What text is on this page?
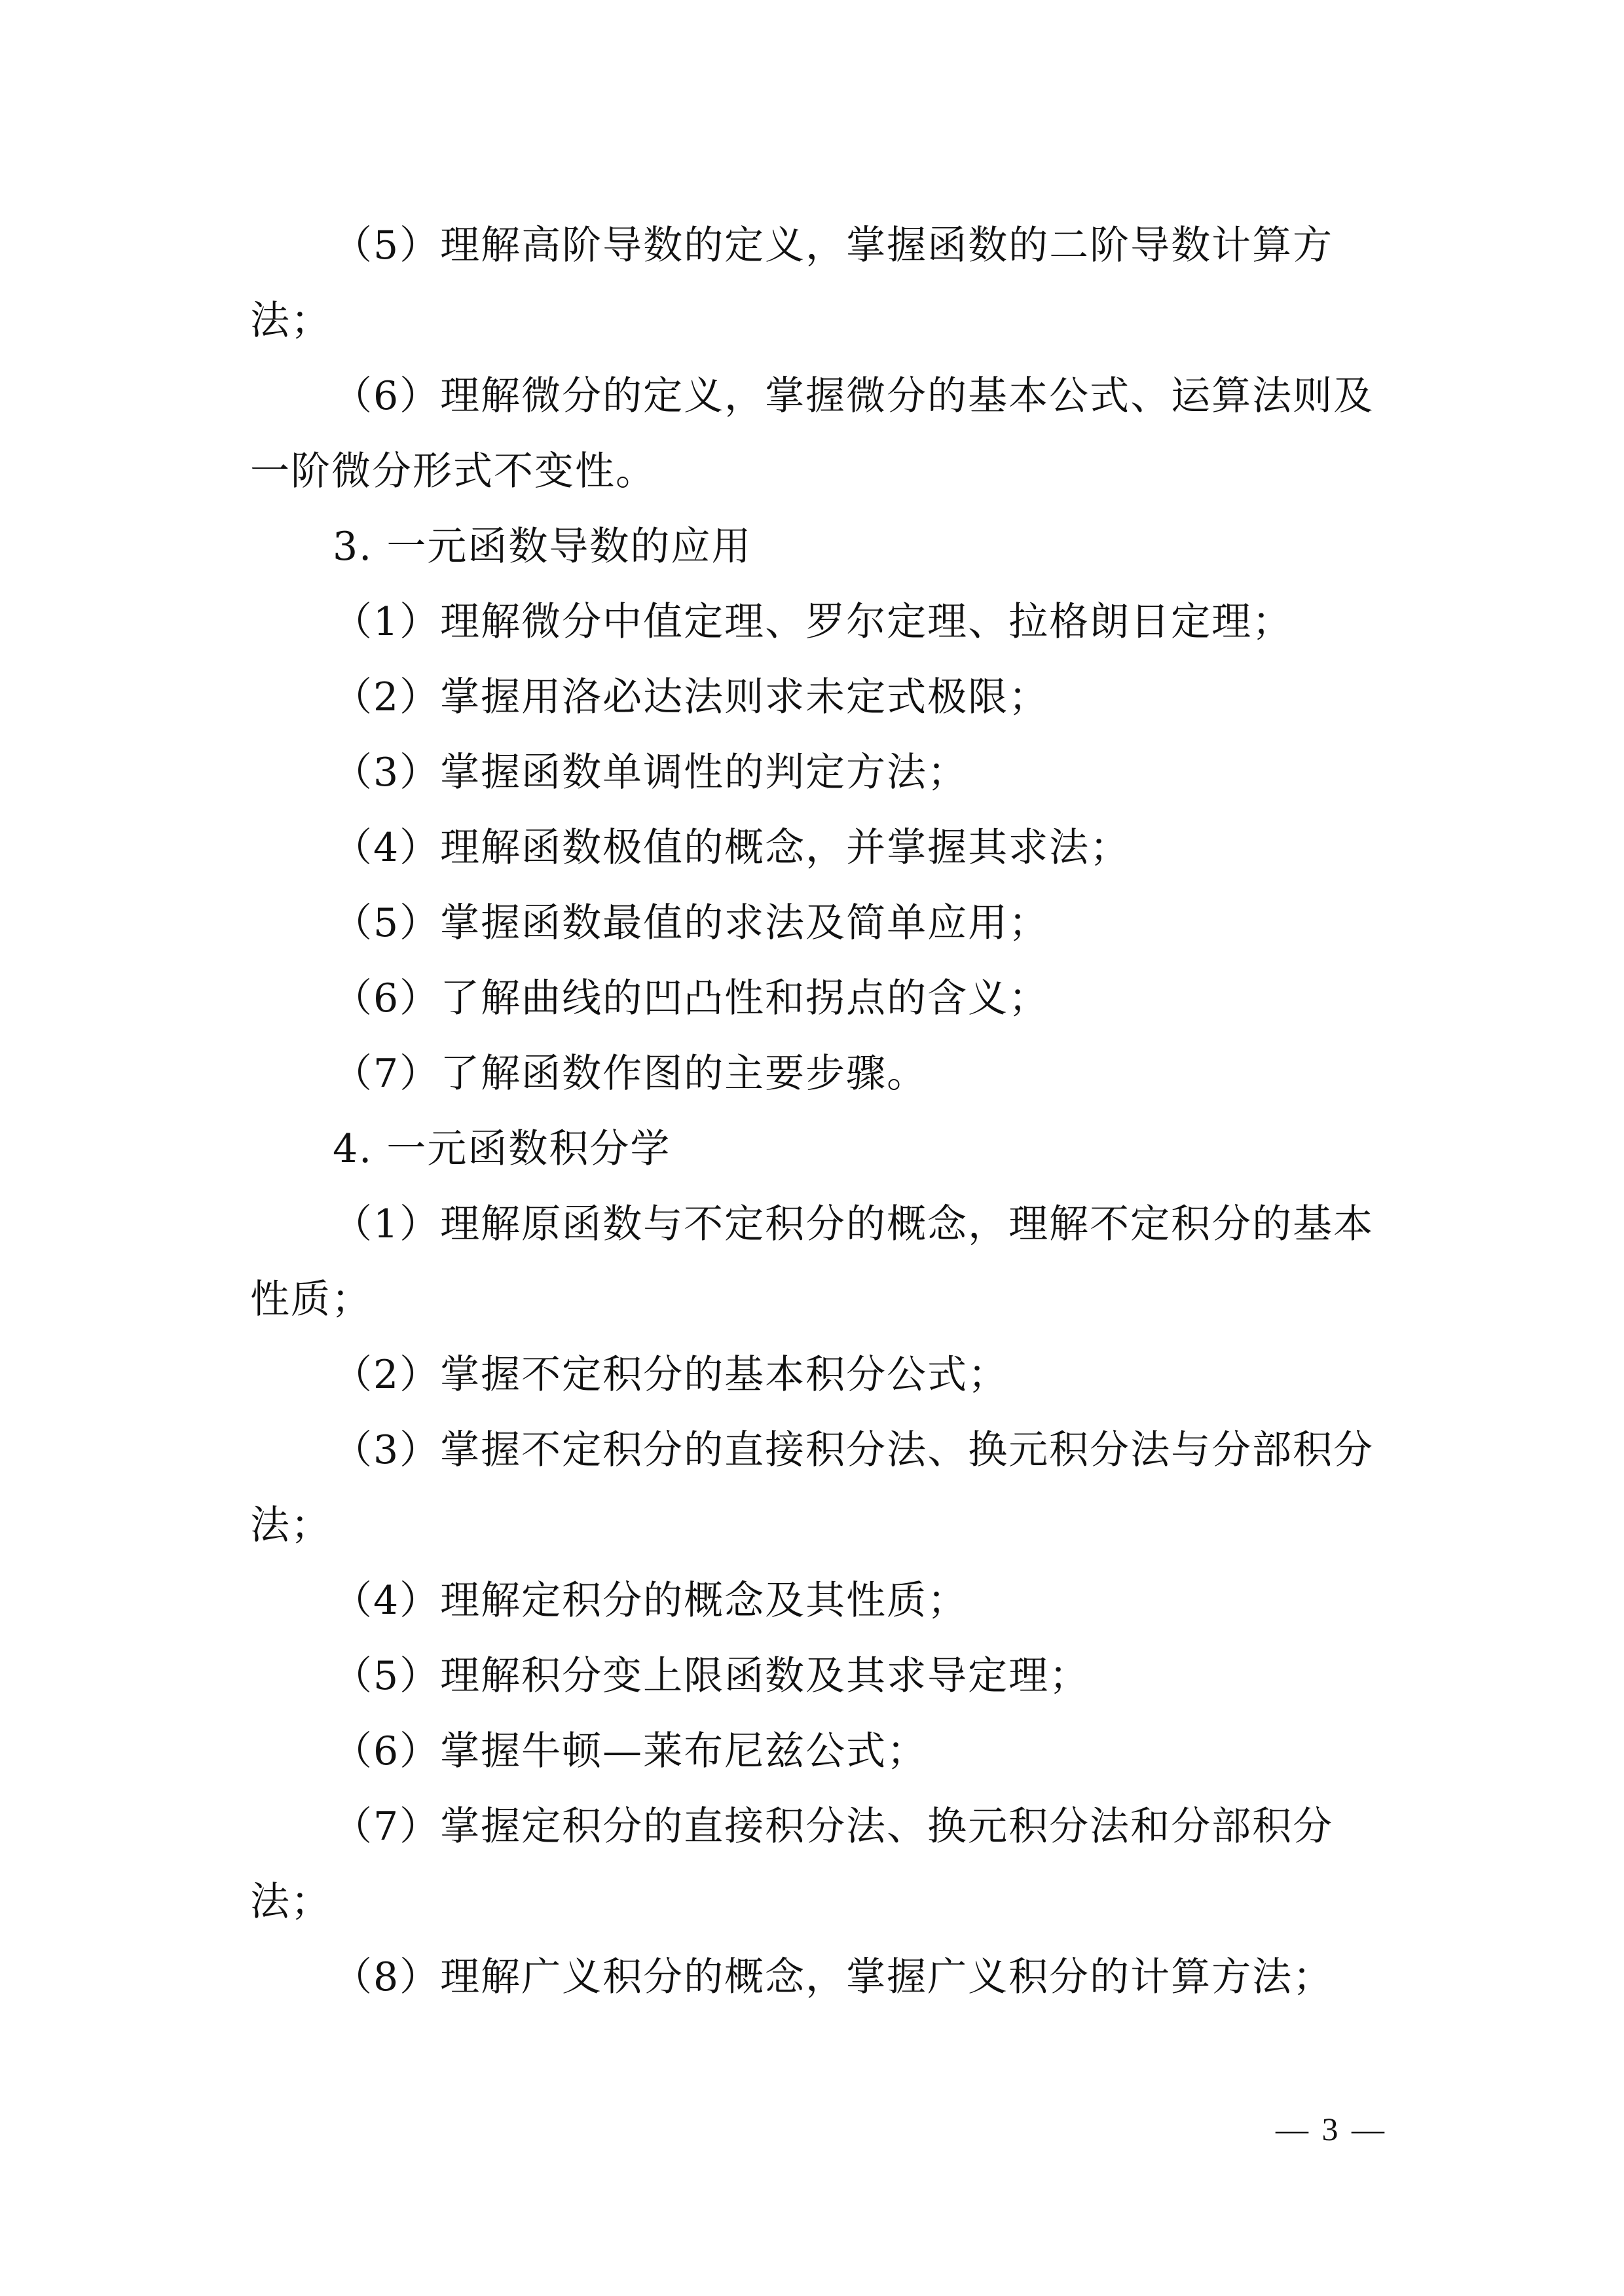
（5）理解高阶导数的定义，掌握函数的二阶导数计算方法；
（6）理解微分的定义，掌握微分的基本公式、运算法则及一阶微分形式不变性。
3. 一元函数导数的应用
（1）理解微分中值定理、罗尔定理、拉格朗日定理；
（2）掌握用洛必达法则求未定式极限；
（3）掌握函数单调性的判定方法；
（4）理解函数极值的概念，并掌握其求法；
（5）掌握函数最值的求法及简单应用；
（6）了解曲线的凹凸性和拐点的含义；
（7）了解函数作图的主要步骤。
4. 一元函数积分学
（1）理解原函数与不定积分的概念，理解不定积分的基本性质；
（2）掌握不定积分的基本积分公式；
（3）掌握不定积分的直接积分法、换元积分法与分部积分法；
（4）理解定积分的概念及其性质；
（5）理解积分变上限函数及其求导定理；
（6）掌握牛顿—莱布尼兹公式；
（7）掌握定积分的直接积分法、换元积分法和分部积分法；
（8）理解广义积分的概念，掌握广义积分的计算方法；
— 3 —
